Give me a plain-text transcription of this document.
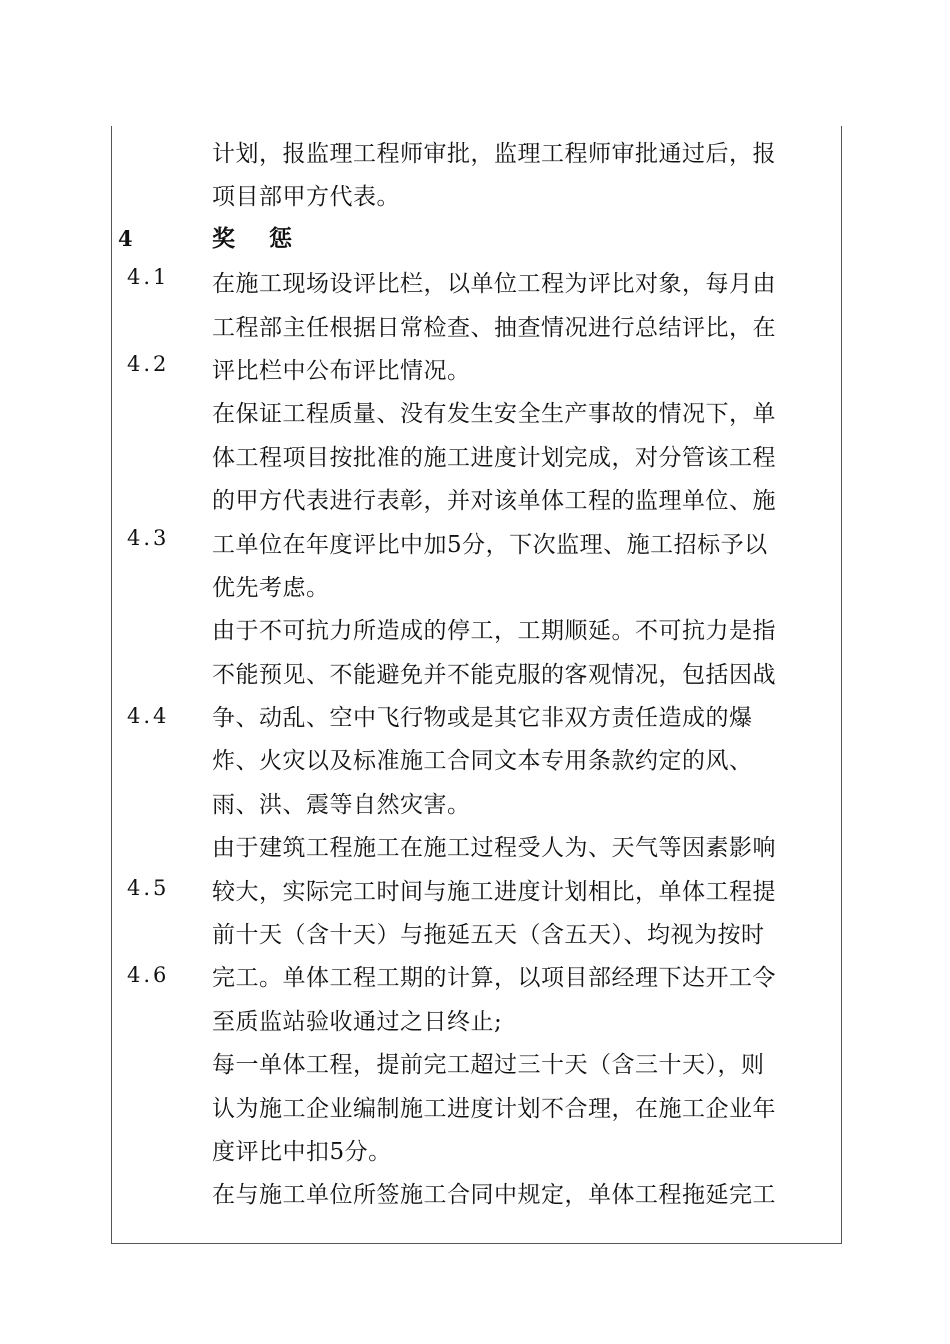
4	奖惩
4.1
4.2
4.3
4.4
4.5
4.6
计划，报监理工程师审批，监理工程师审批通过后，报
项目部甲方代表。
在施工现场设评比栏，以单位工程为评比对象，每月由
工程部主任根据日常检查、抽查情况进行总结评比，在
评比栏中公布评比情况。
在保证工程质量、没有发生安全生产事故的情况下，单
体工程项目按批准的施工进度计划完成，对分管该工程
的甲方代表进行表彰，并对该单体工程的监理单位、施
工单位在年度评比中加5分，下次监理、施工招标予以
优先考虑。
由于不可抗力所造成的停工，工期顺延。不可抗力是指
不能预见、不能避免并不能克服的客观情况，包括因战
争、动乱、空中飞行物或是其它非双方责任造成的爆
炸、火灾以及标准施工合同文本专用条款约定的风、
雨、洪、震等自然灾害。
由于建筑工程施工在施工过程受人为、天气等因素影响
较大，实际完工时间与施工进度计划相比，单体工程提
前十天（含十天）与拖延五天（含五天）、均视为按时
完工。单体工程工期的计算，以项目部经理下达开工令
至质监站验收通过之日终止;
每一单体工程，提前完工超过三十天（含三十天），则
认为施工企业编制施工进度计划不合理，在施工企业年
度评比中扣5分。
在与施工单位所签施工合同中规定，单体工程拖延完工
